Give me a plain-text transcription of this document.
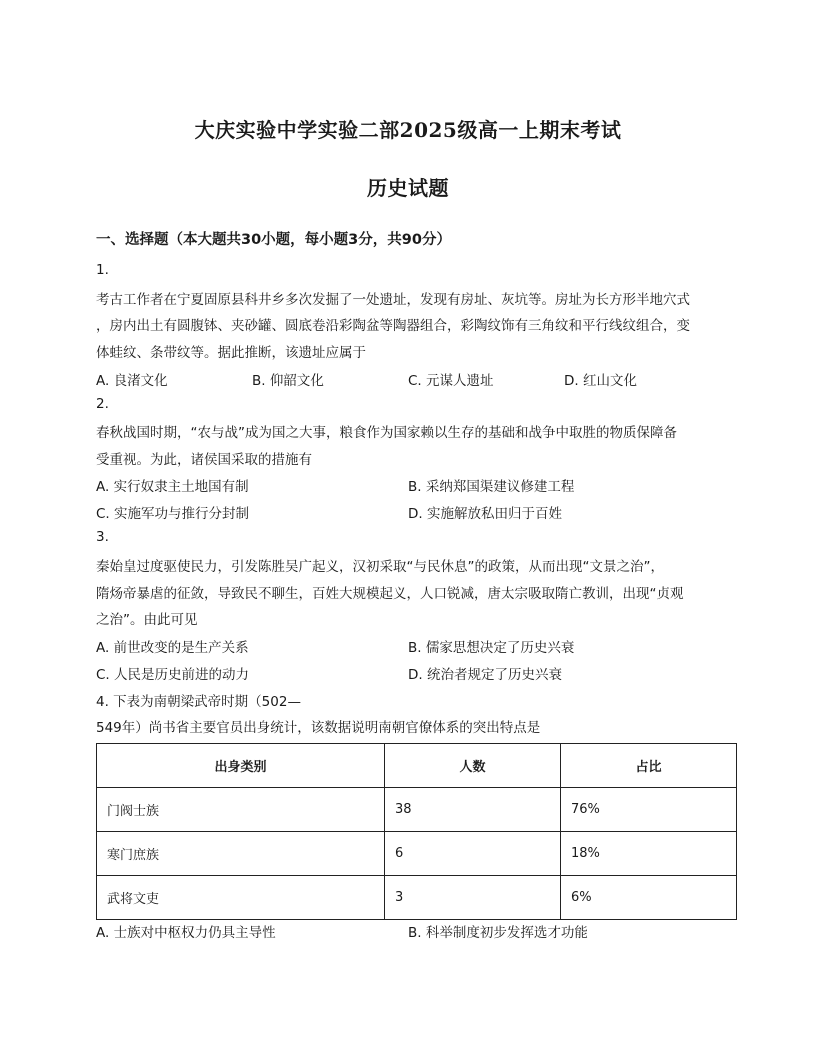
大庆实验中学实验二部2025级高一上期末考试
历史试题
一、选择题（本大题共30小题，每小题3分，共90分）
1.
考古工作者在宁夏固原县科井乡多次发掘了一处遗址，发现有房址、灰坑等。房址为长方形半地穴式
，房内出土有圆腹钵、夹砂罐、圆底卷沿彩陶盆等陶器组合，彩陶纹饰有三角纹和平行线纹组合，变
体蛙纹、条带纹等。据此推断，该遗址应属于
A. 良渚文化	B. 仰韶文化	C. 元谋人遗址	D. 红山文化
2.
春秋战国时期，“农与战”成为国之大事，粮食作为国家赖以生存的基础和战争中取胜的物质保障备
受重视。为此，诸侯国采取的措施有
A. 实行奴隶主土地国有制	B. 采纳郑国渠建议修建工程
C. 实施军功与推行分封制	D. 实施解放私田归于百姓
3.
秦始皇过度驱使民力，引发陈胜吴广起义，汉初采取“与民休息”的政策，从而出现“文景之治”，
隋炀帝暴虐的征敛，导致民不聊生，百姓大规模起义，人口锐减，唐太宗吸取隋亡教训，出现“贞观
之治”。由此可见
A. 前世改变的是生产关系	B. 儒家思想决定了历史兴衰
C. 人民是历史前进的动力	D. 统治者规定了历史兴衰
4. 下表为南朝梁武帝时期（502—
549年）尚书省主要官员出身统计，该数据说明南朝官僚体系的突出特点是
出身类别	人数	占比
门阀士族	38	76%
寒门庶族	6	18%
武将文吏	3	6%
A. 士族对中枢权力仍具主导性	B. 科举制度初步发挥选才功能
